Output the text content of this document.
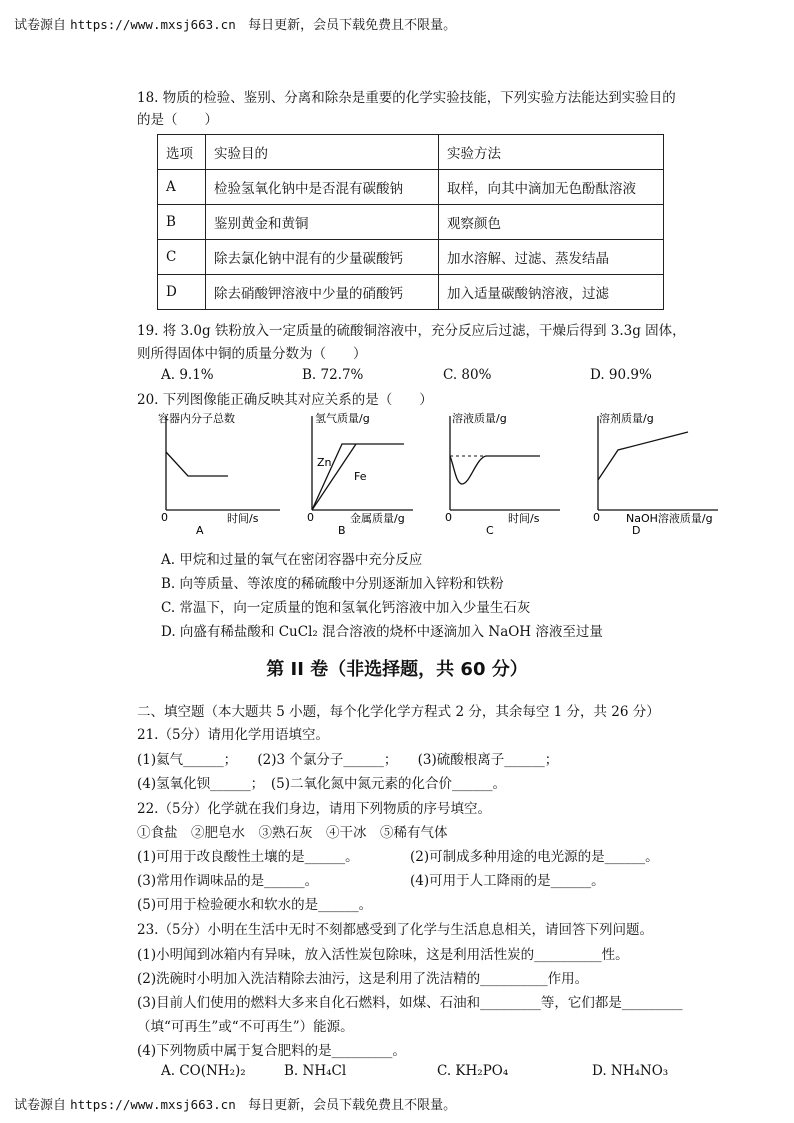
试卷源自 https://www.mxsj663.cn 每日更新，会员下载免费且不限量。
18. 物质的检验、鉴别、分离和除杂是重要的化学实验技能，下列实验方法能达到实验目的
的是（　　）
选项	实验目的	实验方法
A	检验氢氧化钠中是否混有碳酸钠	取样，向其中滴加无色酚酞溶液
B	鉴别黄金和黄铜	观察颜色
C	除去氯化钠中混有的少量碳酸钙	加水溶解、过滤、蒸发结晶
D	除去硝酸钾溶液中少量的硝酸钙	加入适量碳酸钠溶液，过滤
19. 将 3.0g 铁粉放入一定质量的硫酸铜溶液中，充分反应后过滤，干燥后得到 3.3g 固体，
则所得固体中铜的质量分数为（　　）
A. 9.1%	B. 72.7%	C. 80%	D. 90.9%
20. 下列图像能正确反映其对应关系的是（　　）
容器内分子总数
0	时间/s
A
氢气质量/g
Zn
Fe
0	金属质量/g
B
溶液质量/g
0	时间/s
C
溶剂质量/g
0 NaOH溶液质量/g
D
A. 甲烷和过量的氧气在密闭容器中充分反应
B. 向等质量、等浓度的稀硫酸中分别逐渐加入锌粉和铁粉
C. 常温下，向一定质量的饱和氢氧化钙溶液中加入少量生石灰
D. 向盛有稀盐酸和 CuCl₂ 混合溶液的烧杯中逐滴加入 NaOH 溶液至过量
第 II 卷（非选择题，共 60 分）
二、填空题（本大题共 5 小题，每个化学化学方程式 2 分，其余每空 1 分，共 26 分）
21.（5分）请用化学用语填空。
(1)氦气______；　　(2)3 个氯分子______；　　(3)硫酸根离子______；
(4)氢氧化钡______；　(5)二氧化氮中氮元素的化合价______。
22.（5分）化学就在我们身边，请用下列物质的序号填空。
①食盐　②肥皂水　③熟石灰　④干冰　⑤稀有气体
(1)可用于改良酸性土壤的是______。	(2)可制成多种用途的电光源的是______。
(3)常用作调味品的是______。	(4)可用于人工降雨的是______。
(5)可用于检验硬水和软水的是______。
23.（5分）小明在生活中无时不刻都感受到了化学与生活息息相关，请回答下列问题。
(1)小明闻到冰箱内有异味，放入活性炭包除味，这是利用活性炭的__________性。
(2)洗碗时小明加入洗洁精除去油污，这是利用了洗洁精的__________作用。
(3)目前人们使用的燃料大多来自化石燃料，如煤、石油和_________等，它们都是_________
（填“可再生”或“不可再生”）能源。
(4)下列物质中属于复合肥料的是_________。
A. CO(NH₂)₂	B. NH₄Cl	C. KH₂PO₄	D. NH₄NO₃
试卷源自 https://www.mxsj663.cn 每日更新，会员下载免费且不限量。
